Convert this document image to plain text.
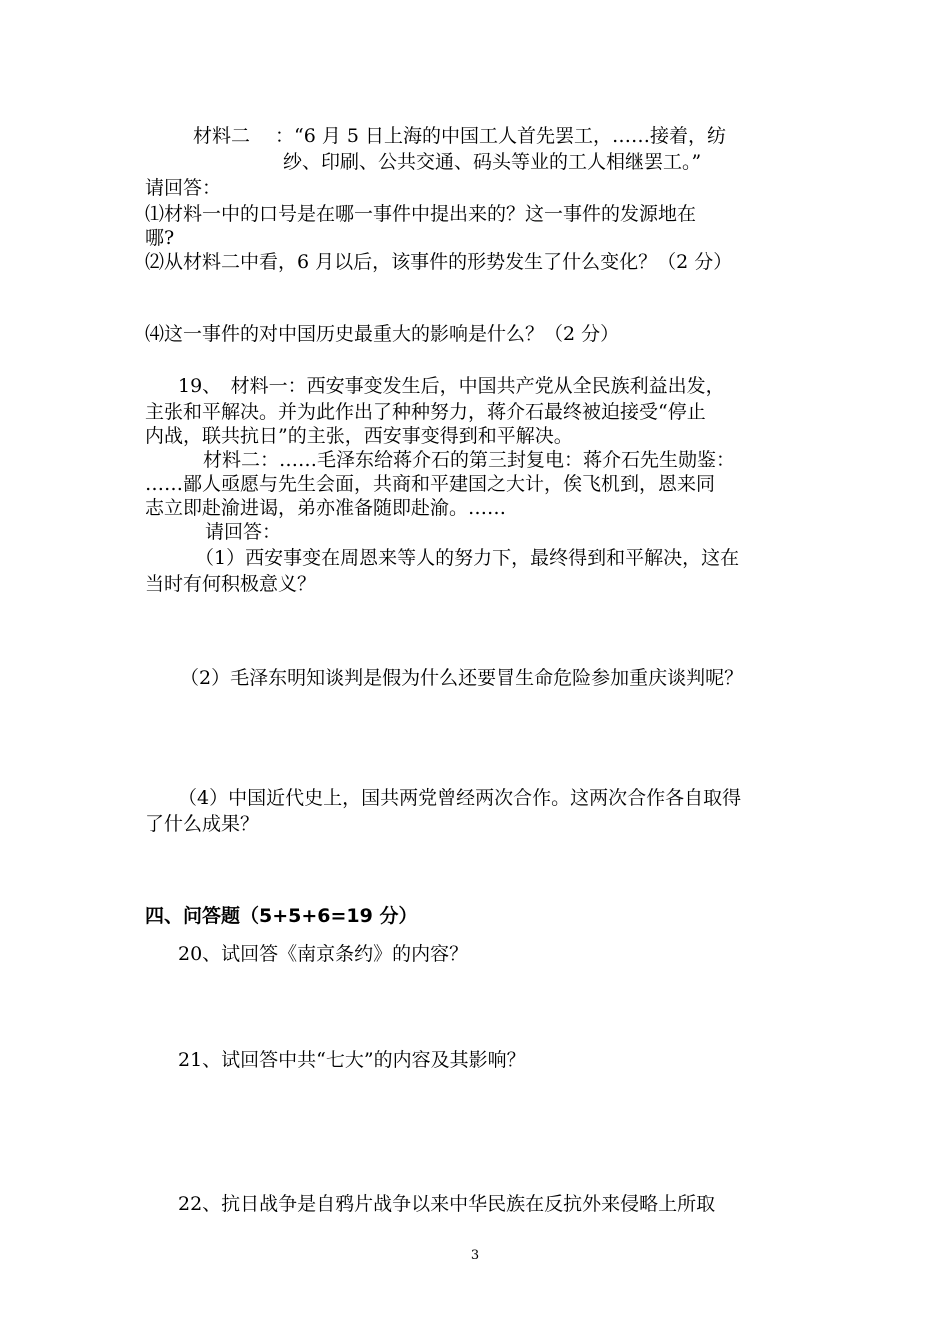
材料二　 ：“6 月 5 日上海的中国工人首先罢工，……接着，纺

纱、印刷、公共交通、码头等业的工人相继罢工。”

请回答：

⑴材料一中的口号是在哪一事件中提出来的？这一事件的发源地在

哪?

⑵从材料二中看，6 月以后，该事件的形势发生了什么变化？（2 分）

⑷这一事件的对中国历史最重大的影响是什么？（2 分）

19、　材料一：西安事变发生后，中国共产党从全民族利益出发，

主张和平解决。并为此作出了种种努力，蒋介石最终被迫接受“停止

内战，联共抗日”的主张，西安事变得到和平解决。

材料二：……毛泽东给蒋介石的第三封复电：蒋介石先生勋鉴：

……鄙人亟愿与先生会面，共商和平建国之大计，俟飞机到，恩来同

志立即赴渝进谒，弟亦准备随即赴渝。……

请回答：

（1）西安事变在周恩来等人的努力下，最终得到和平解决，这在

当时有何积极意义？

（2）毛泽东明知谈判是假为什么还要冒生命危险参加重庆谈判呢？

（4）中国近代史上，国共两党曾经两次合作。这两次合作各自取得

了什么成果？

四、问答题（5+5+6=19 分）

20、试回答《南京条约》的内容？

21、试回答中共“七大”的内容及其影响？

22、抗日战争是自鸦片战争以来中华民族在反抗外来侵略上所取

3
